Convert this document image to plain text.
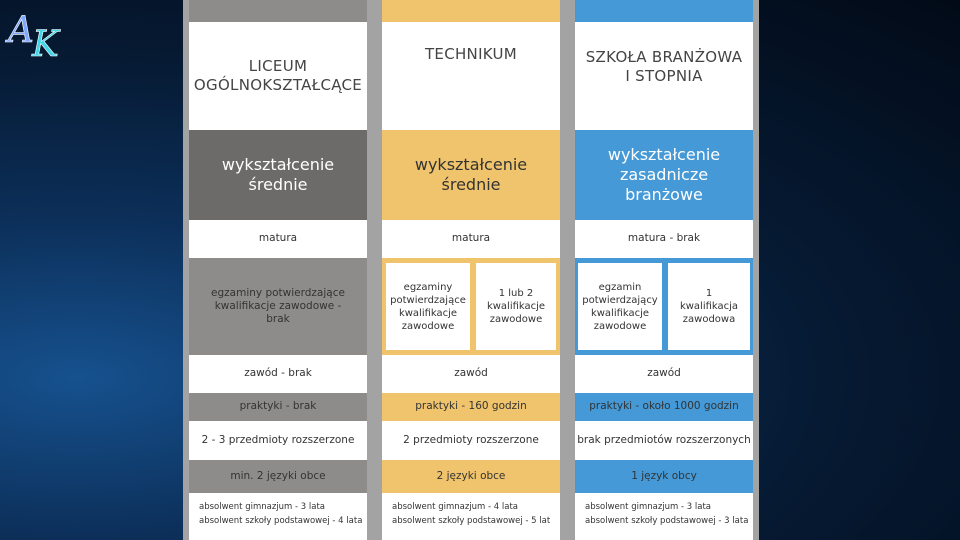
A
K
LICEUM OGÓLNOKSZTAŁCĄCE
wykształcenie średnie
matura
egzaminy potwierdzające kwalifikacje zawodowe - brak
zawód - brak
praktyki - brak
2 - 3 przedmioty rozszerzone
min. 2 języki obce
absolwent gimnazjum - 3 lata
absolwent szkoły podstawowej - 4 lata
TECHNIKUM
wykształcenie średnie
matura
egzaminy potwierdzające kwalifikacje zawodowe
1 lub 2 kwalifikacje zawodowe
zawód
praktyki - 160 godzin
2 przedmioty rozszerzone
2 języki obce
absolwent gimnazjum - 4 lata
absolwent szkoły podstawowej - 5 lat
SZKOŁA BRANŻOWA I STOPNIA
wykształcenie zasadnicze branżowe
matura - brak
egzamin potwierdzający kwalifikacje zawodowe
1 kwalifikacja zawodowa
zawód
praktyki - około 1000 godzin
brak przedmiotów rozszerzonych
1 język obcy
absolwent gimnazjum - 3 lata
absolwent szkoły podstawowej - 3 lata
